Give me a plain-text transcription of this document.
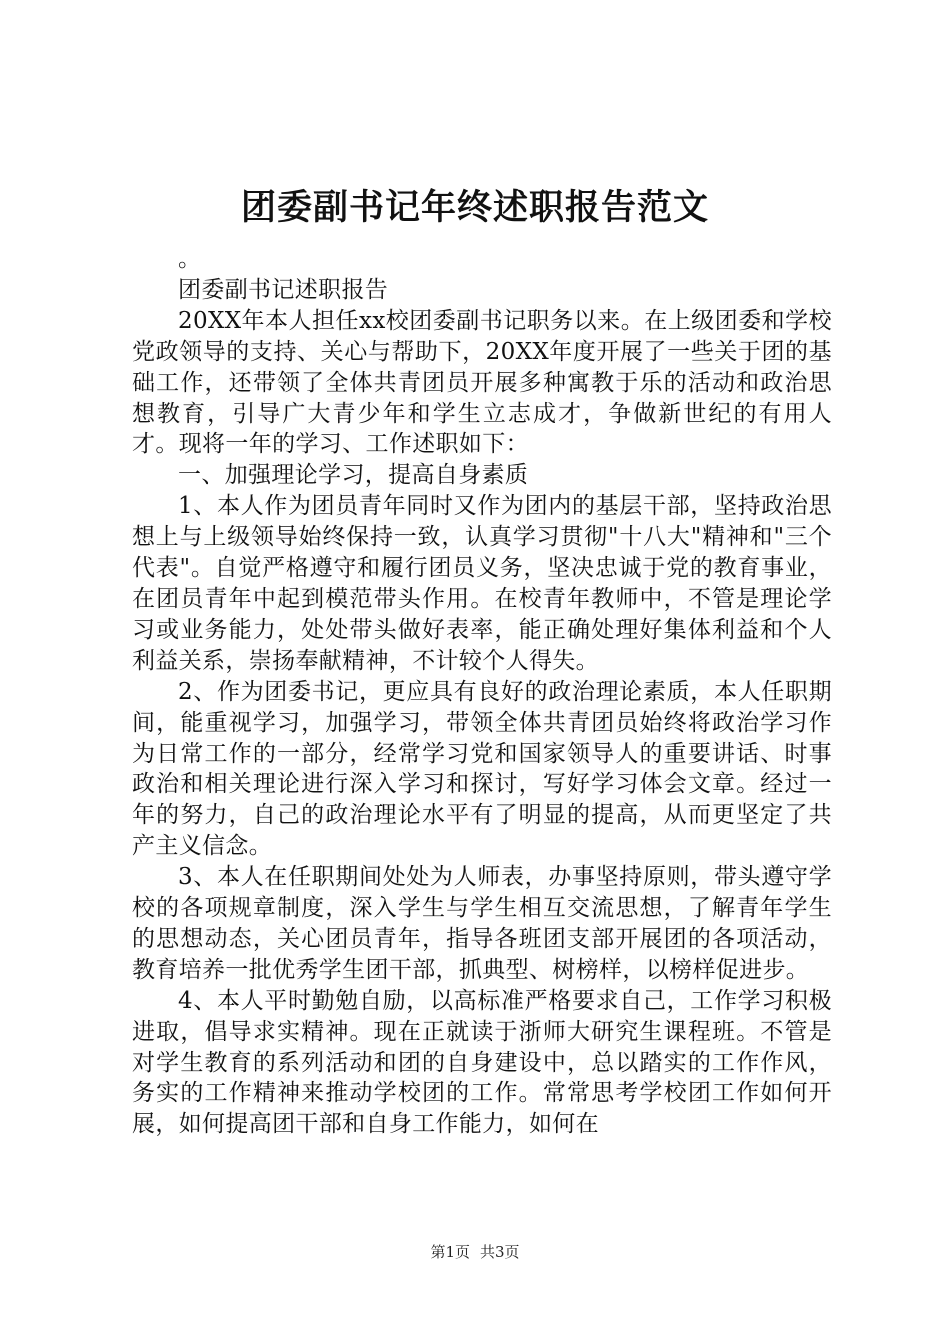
团委副书记年终述职报告范文

。

团委副书记述职报告

20XX年本人担任xx校团委副书记职务以来。在上级团委和学校党政领导的支持、关心与帮助下，20XX年度开展了一些关于团的基础工作，还带领了全体共青团员开展多种寓教于乐的活动和政治思想教育，引导广大青少年和学生立志成才，争做新世纪的有用人才。现将一年的学习、工作述职如下：

一、加强理论学习，提高自身素质

1、本人作为团员青年同时又作为团内的基层干部，坚持政治思想上与上级领导始终保持一致，认真学习贯彻"十八大"精神和"三个代表"。自觉严格遵守和履行团员义务，坚决忠诚于党的教育事业，在团员青年中起到模范带头作用。在校青年教师中，不管是理论学习或业务能力，处处带头做好表率，能正确处理好集体利益和个人利益关系，崇扬奉献精神，不计较个人得失。

2、作为团委书记，更应具有良好的政治理论素质，本人任职期间，能重视学习，加强学习，带领全体共青团员始终将政治学习作为日常工作的一部分，经常学习党和国家领导人的重要讲话、时事政治和相关理论进行深入学习和探讨，写好学习体会文章。经过一年的努力，自己的政治理论水平有了明显的提高，从而更坚定了共产主义信念。

3、本人在任职期间处处为人师表，办事坚持原则，带头遵守学校的各项规章制度，深入学生与学生相互交流思想，了解青年学生的思想动态，关心团员青年，指导各班团支部开展团的各项活动，教育培养一批优秀学生团干部，抓典型、树榜样，以榜样促进步。

4、本人平时勤勉自励，以高标准严格要求自己，工作学习积极进取，倡导求实精神。现在正就读于浙师大研究生课程班。不管是对学生教育的系列活动和团的自身建设中，总以踏实的工作作风，务实的工作精神来推动学校团的工作。常常思考学校团工作如何开展，如何提高团干部和自身工作能力，如何在

第1页 共3页
